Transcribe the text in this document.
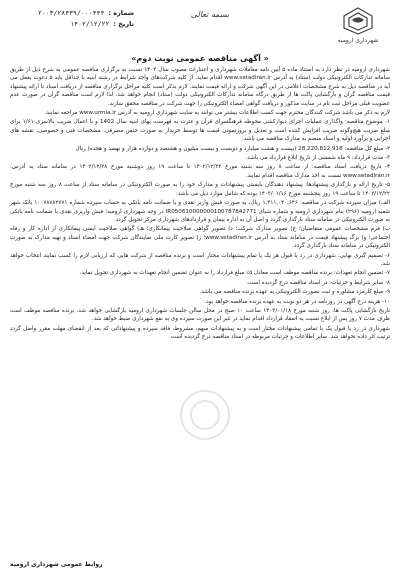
شهرداری ارومیه
بسمه تعالی
شماره :
۲۰۰۳/۲۸۴۳۹/۰۰۰۴۴۴
تاریخ :
۱۴۰۲/۱۲/۲۲
« آگهی مناقصه عمومی نوبت دوم»

شهرداری ارومیه در نظر دارد به استناد ماده ۵ آیین نامه معاملات شهرداری و اعتبارات مصوب سال ۱۴۰۲ نسبت به برگزاری مناقصه عمومی به شرح ذیل از طریق سامانه تدارکات الکترونیکی دولت (ستاد) به آدرس www.setadiran.ir اقدام نماید. از کلیه شرکت‌های واجد شرایط در رشته ابنیه با حداقل پایه ۵ دعوت بعمل می آید در مناقصه ذیل به شرح مشخصات اعلامی در این آگهی شرکت و ارائه قیمت نمایند. لازم بذکر است کلیه مراحل برگزاری مناقصه از دریافت اسناد تا ارائه پیشنهاد قیمت مناقصه گران و بازگشایی پاکت ها از طریق درگاه سامانه تدارکات الکترونیکی دولت (ستاد) انجام خواهد شد. لذا لازم است مناقصه گران در صورت عدم عضویت قبلی مراحل ثبت نام در سایت مذکور و دریافت گواهی امضاء الکترونیکی را جهت شرکت در مناقصه محقق سازند.

لازم به ذکر می باشد شرکت کنندگان محترم جهت کسب اطلاعات بیشتر می توانند به سایت شهرداری ارومیه به آدرس www.urmia.ir مراجعه نمایند.

۱- موضوع مناقصه: واگذاری عملیات اجرای دیوارکشی محوطه فرهنگسرای قرآن و عترت به فهرست بهای ابنیه سال 1402 و با اعمال ضریب بالاسری ۱/۶۱ برای مبلغ ضریب هیچ‌وگونه ضریب افزایش کننده است و تعدیل و بروزنمودن قیمت ها توسط خریدار به صورت جنس مصرفی، مشخصات فنی و خصوصی، نقشه های اجرایی و برآورد اولیه و اسناد منضم به مدارک مناقصه می باشد.

۲- مبلغ کل مناقصه: 28,220,812,918 (بیست و هشت میلیارد و دویست و بیست میلیون و هشتصد و دوازده هزار و نهصد و هجده) ریال

۳- مدت قرارداد: ۹ ماه شمسی از تاریخ ابلاغ قرارداد می باشد.

۴- تاریخ دریافت اسناد مناقصه: از ساعت ۸ روز سه شنبه مورخ ۱۴۰۲/۱۲/۲۲ تا ساعت ۱۹ روز دوشنبه مورخ ۱۴۰۲/۱۲/۲۸ در سامانه ستاد به آدرس: www.setadiran.ir نسبت به اخذ مدارک مناقصه اقدام نمایند.

۵- تاریخ ارائه و بارگذاری پیشنهادها: پیشنهاد دهندگان بایستی پیشنهادات و مدارک خود را به صورت الکترونیکی در سامانه ستاد از ساعت ۸ روز سه شنبه مورخ ۱۴۰۲/۱۲/۲۲ تا ساعت ۱۹ روز پنجشنبه مورخ ۱۴۰۳/۰۱/۱۶ بوده که شامل موارد ذیل می باشد:

الف) میزان سپرده شرکت در مناقصه: ۱,۴۱۱,۰۴۰,۶۴۶ ریال، به صورت فیش واریز نقدی و یا ضمانت نامه بانکی به حساب سپرده شماره ۱۰۰۷۸۷۸۲۷۷۱ بانک شهر شعبه ارومیه (۲۹۶) بنام شهرداری ارومیه و شماره شبای IR050610000000100787842771 در وجه شهرداری ارومیه؛ فیش واریزی نقدی یا ضمانت نامه بانکی به صورت الکترونیکی در سامانه ستاد بارگذاری گردد و اصل آن به اداره پیمان و قراردادهای شهرداری مرکز تحویل گردد.

ب) فرم مشخصات عمومی متقاضیان؛ ج) تصویر مدارک شرکت؛ د) تصویر گواهی صلاحیت پیمانکاری؛ هـ) گواهی صلاحیت ایمنی پیمانکاری از اداره کار و رفاه اجتماعی؛ و) برگ پیشنهاد قیمت در سامانه ستاد به آدرس www.setadiran.ir؛ ز) تصویر کارت ملی نمایندگان شرکت جهت امضاء اسناد و تهیه مدارک به صورت الکترونیکی در سامانه ستاد بارگذاری گردد.

۶- تصمیم گیری نهایی: شهرداری در رد یا قبول هر یک یا تمام پیشنهادات مختار است و برنده مناقصه از شرکت هایی که ارزیابی لازم را کسب نمایند انتخاب خواهد شد.

۷- تضمین انجام تعهدات: برنده مناقصه موظف است معادل ۵٪ مبلغ قرارداد را به عنوان تضمین انجام تعهدات به شهرداری تحویل نماید.

۸- سایر شرایط و جزئیات: در اسناد مناقصه درج گردیده است.

۹- مبلغ کارمزد مشاوره و ثبت بصورت الکترونیکی به عهده برنده مناقصه می باشد.

۱۰- هزینه درج آگهی در روزنامه در هر دو نوبت به عهده برنده مناقصه خواهد بود.

تاریخ بازگشایی پاکت ها: روز شنبه مورخ ۱۴۰۳/۰۱/۱۸ ساعت ۱۰ صبح در محل سالن جلسات شهرداری ارومیه بازگشایی خواهد شد. برنده مناقصه موظف است ظرف مدت ۷ روز پس از ابلاغ نسبت به انعقاد قرارداد اقدام نماید در غیر این صورت سپرده وی به نفع شهرداری ضبط خواهد شد.

شهرداری در رد یا قبول یک یا تمامی پیشنهادات مختار است و به پیشنهادات مبهم، مشروط، فاقد سپرده و پیشنهاداتی که بعد از انقضای مهلت مقرر واصل گردد ترتیب اثر داده نخواهد شد. سایر اطلاعات و جزئیات مربوطه در اسناد مناقصه درج گردیده است.

روابط عمومی شهرداری ارومیه
